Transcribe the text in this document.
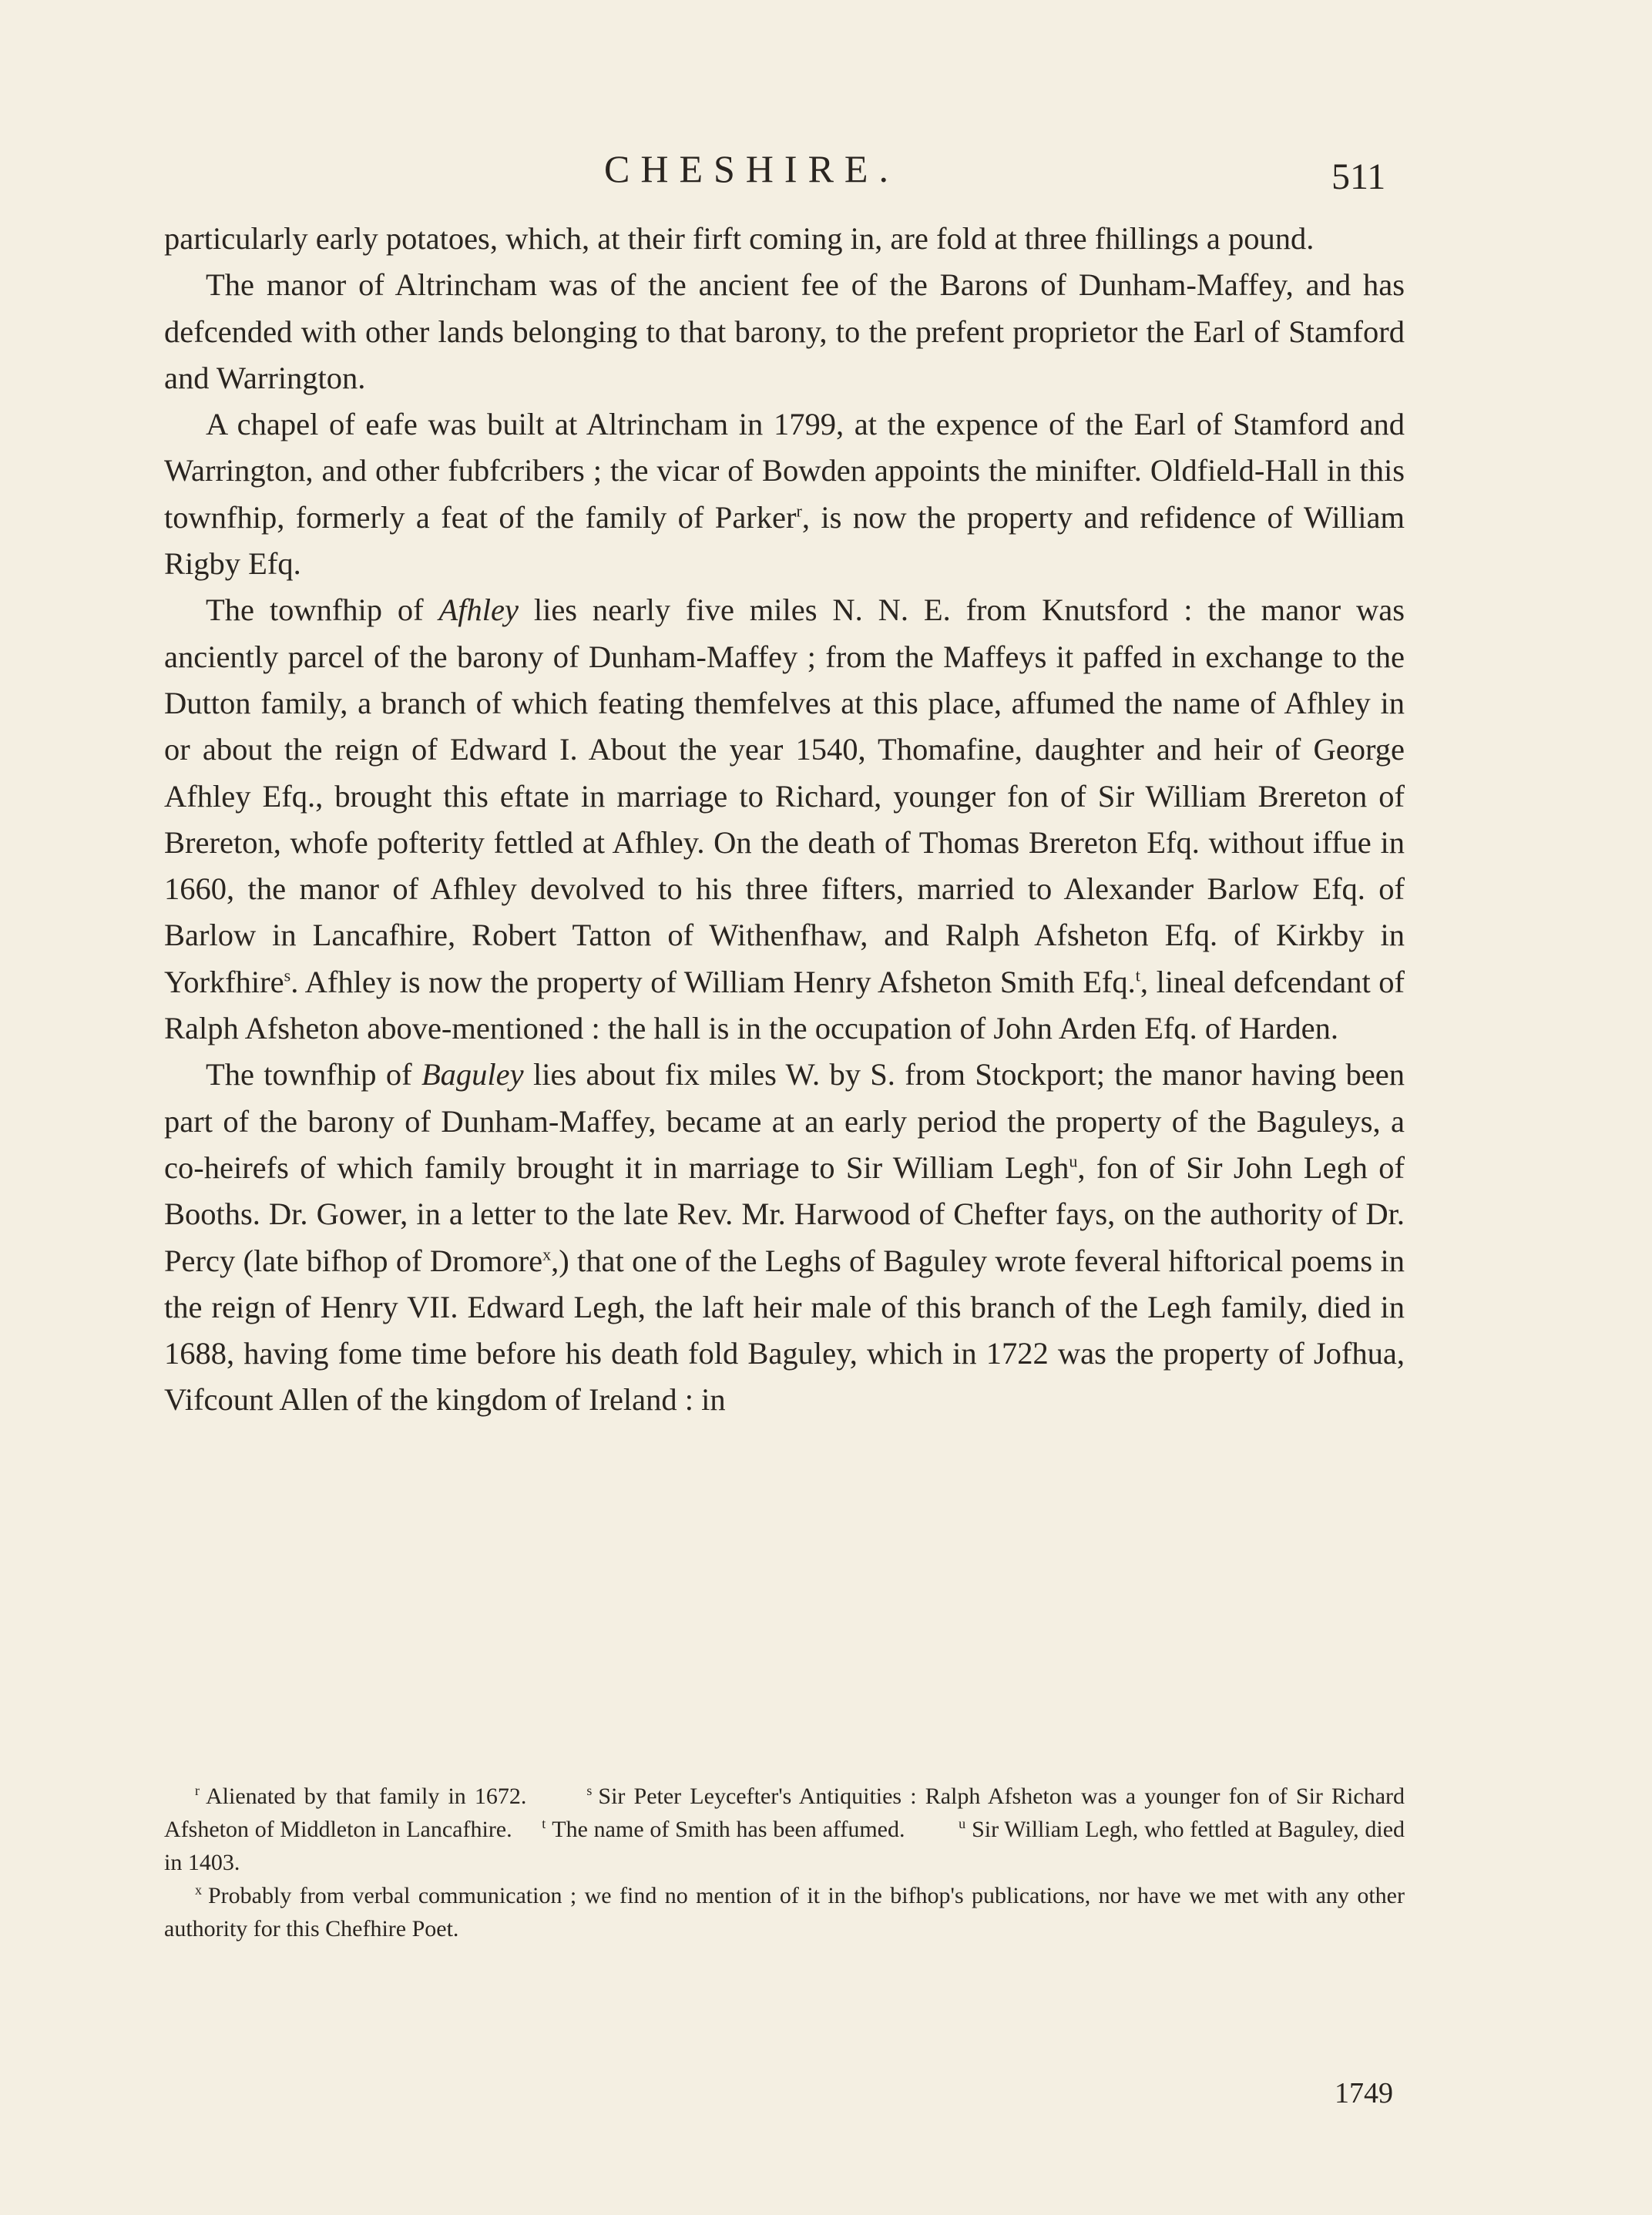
CHESHIRE.	511

particularly early potatoes, which, at their firft coming in, are fold at three fhillings a pound.

The manor of Altrincham was of the ancient fee of the Barons of Dunham-Maffey, and has defcended with other lands belonging to that barony, to the prefent proprietor the Earl of Stamford and Warrington.

A chapel of eafe was built at Altrincham in 1799, at the expence of the Earl of Stamford and Warrington, and other fubfcribers ; the vicar of Bowden appoints the minifter. Oldfield-Hall in this townfhip, formerly a feat of the family of Parker$^r$, is now the property and refidence of William Rigby Efq.

The townfhip of Afhley lies nearly five miles N. N. E. from Knutsford : the manor was anciently parcel of the barony of Dunham-Maffey ; from the Maffeys it paffed in exchange to the Dutton family, a branch of which feating themfelves at this place, affumed the name of Afhley in or about the reign of Edward I. About the year 1540, Thomafine, daughter and heir of George Afhley Efq., brought this eftate in marriage to Richard, younger fon of Sir William Brereton of Brereton, whofe pofterity fettled at Afhley. On the death of Thomas Brereton Efq. without iffue in 1660, the manor of Afhley devolved to his three fifters, married to Alexander Barlow Efq. of Barlow in Lancafhire, Robert Tatton of Withenfhaw, and Ralph Afsheton Efq. of Kirkby in Yorkfhire$^s$. Afhley is now the property of William Henry Afsheton Smith Efq.$^t$, lineal defcendant of Ralph Afsheton above-mentioned : the hall is in the occupation of John Arden Efq. of Harden.

The townfhip of Baguley lies about fix miles W. by S. from Stockport; the manor having been part of the barony of Dunham-Maffey, became at an early period the property of the Baguleys, a co-heirefs of which family brought it in marriage to Sir William Legh$^u$, fon of Sir John Legh of Booths. Dr. Gower, in a letter to the late Rev. Mr. Harwood of Chefter fays, on the authority of Dr. Percy (late bifhop of Dromore$^x$,) that one of the Leghs of Baguley wrote feveral hiftorical poems in the reign of Henry VII. Edward Legh, the laft heir male of this branch of the Legh family, died in 1688, having fome time before his death fold Baguley, which in 1722 was the property of Jofhua, Vifcount Allen of the kingdom of Ireland : in

$^r$ Alienated by that family in 1672.	$^s$ Sir Peter Leycefter's Antiquities : Ralph Afsheton was a younger fon of Sir Richard Afsheton of Middleton in Lancafhire. $^t$ The name of Smith has been affumed.	$^u$ Sir William Legh, who fettled at Baguley, died in 1403.

$^x$ Probably from verbal communication ; we find no mention of it in the bifhop's publications, nor have we met with any other authority for this Chefhire Poet.

1749
